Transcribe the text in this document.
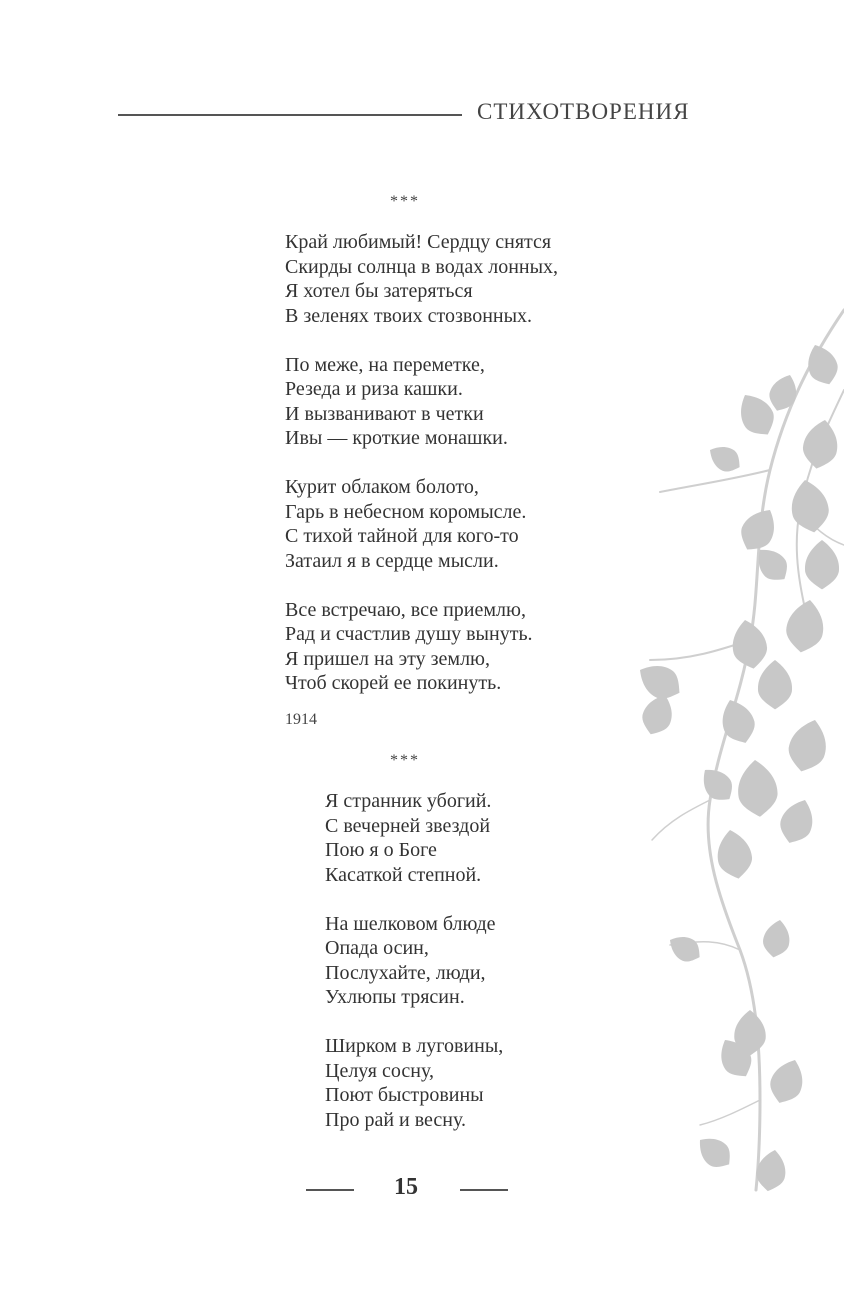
СТИХОТВОРЕНИЯ
***
Край любимый! Сердцу снятся
Скирды солнца в водах лонных,
Я хотел бы затеряться
В зеленях твоих стозвонных.
По меже, на переметке,
Резеда и риза кашки.
И вызванивают в четки
Ивы — кроткие монашки.
Курит облаком болото,
Гарь в небесном коромысле.
С тихой тайной для кого-то
Затаил я в сердце мысли.
Все встречаю, все приемлю,
Рад и счастлив душу вынуть.
Я пришел на эту землю,
Чтоб скорей ее покинуть.
1914
***
Я странник убогий.
С вечерней звездой
Пою я о Боге
Касаткой степной.
На шелковом блюде
Опада осин,
Послухайте, люди,
Ухлюпы трясин.
Ширком в луговины,
Целуя сосну,
Поют быстровины
Про рай и весну.
15
